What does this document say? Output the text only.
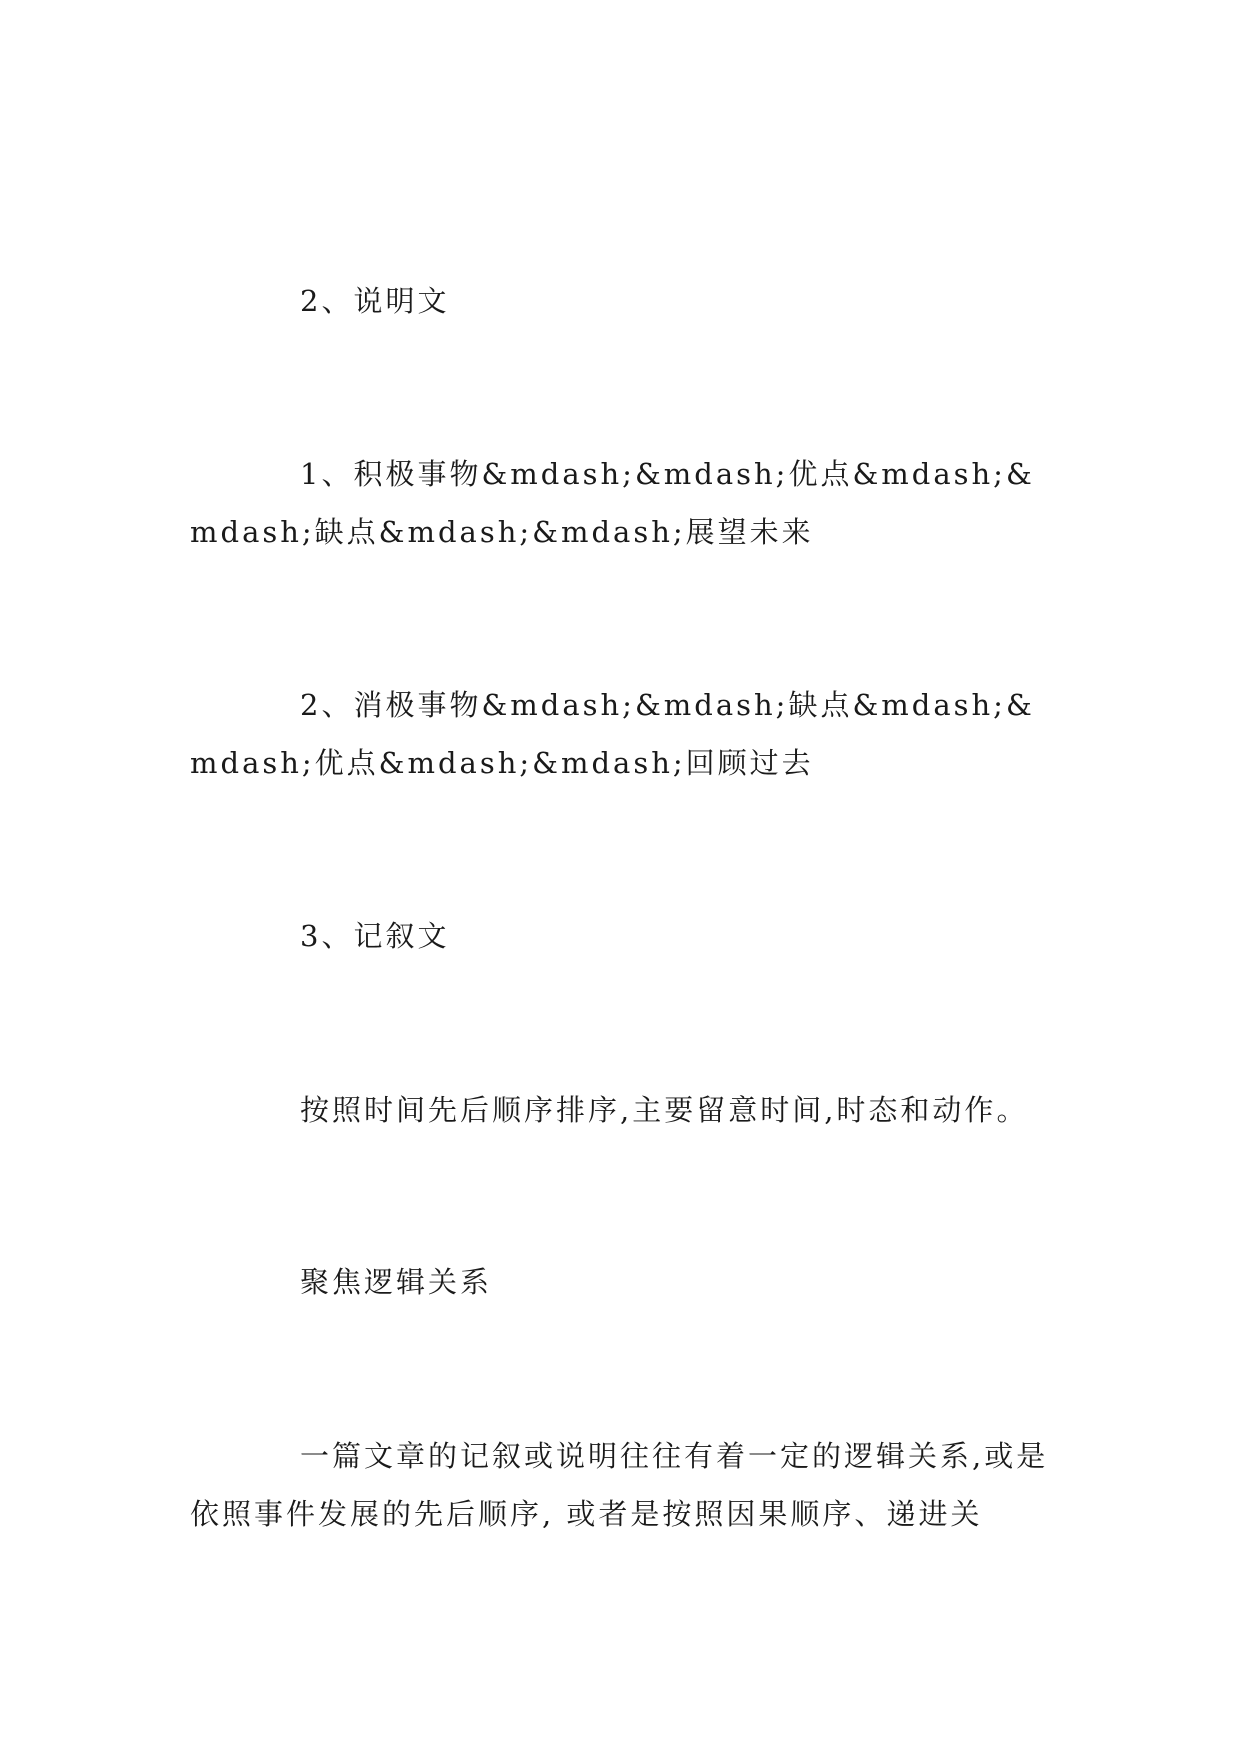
2、说明文

1、积极事物&mdash;&mdash;优点&mdash;&mdash;缺点&mdash;&mdash;展望未来

2、消极事物&mdash;&mdash;缺点&mdash;&mdash;优点&mdash;&mdash;回顾过去

3、记叙文

按照时间先后顺序排序,主要留意时间,时态和动作。

聚焦逻辑关系

一篇文章的记叙或说明往往有着一定的逻辑关系,或是依照事件发展的先后顺序, 或者是按照因果顺序、递进关
